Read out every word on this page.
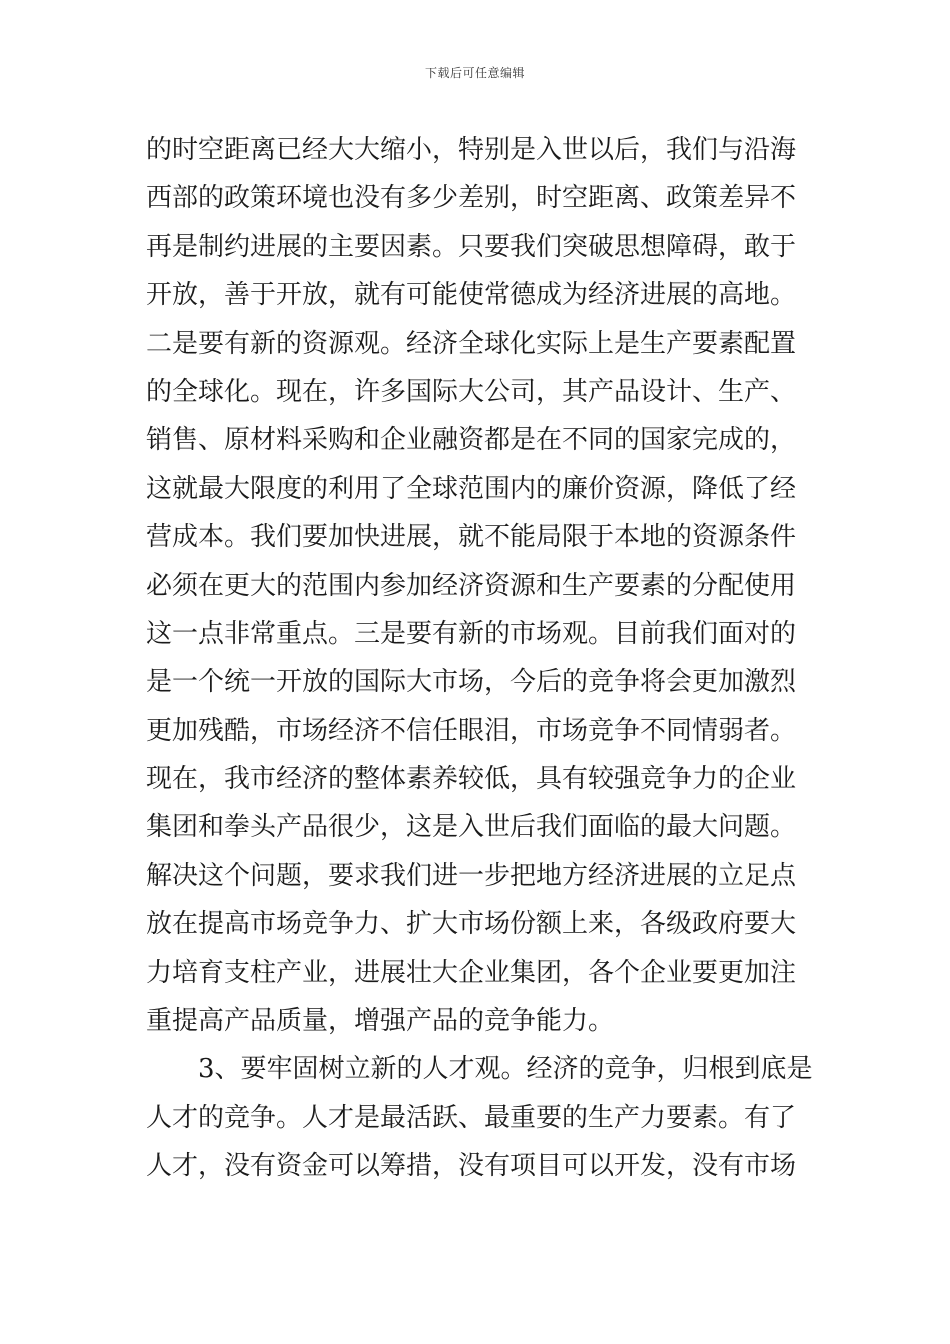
下载后可任意编辑
的时空距离已经大大缩小，特别是入世以后，我们与沿海
西部的政策环境也没有多少差别，时空距离、政策差异不
再是制约进展的主要因素。只要我们突破思想障碍，敢于
开放，善于开放，就有可能使常德成为经济进展的高地。
二是要有新的资源观。经济全球化实际上是生产要素配置
的全球化。现在，许多国际大公司，其产品设计、生产、
销售、原材料采购和企业融资都是在不同的国家完成的，
这就最大限度的利用了全球范围内的廉价资源，降低了经
营成本。我们要加快进展，就不能局限于本地的资源条件
必须在更大的范围内参加经济资源和生产要素的分配使用
这一点非常重点。三是要有新的市场观。目前我们面对的
是一个统一开放的国际大市场，今后的竞争将会更加激烈
更加残酷，市场经济不信任眼泪，市场竞争不同情弱者。
现在，我市经济的整体素养较低，具有较强竞争力的企业
集团和拳头产品很少，这是入世后我们面临的最大问题。
解决这个问题，要求我们进一步把地方经济进展的立足点
放在提高市场竞争力、扩大市场份额上来，各级政府要大
力培育支柱产业，进展壮大企业集团，各个企业要更加注
重提高产品质量，增强产品的竞争能力。
3、要牢固树立新的人才观。经济的竞争，归根到底是
人才的竞争。人才是最活跃、最重要的生产力要素。有了
人才，没有资金可以筹措，没有项目可以开发，没有市场
